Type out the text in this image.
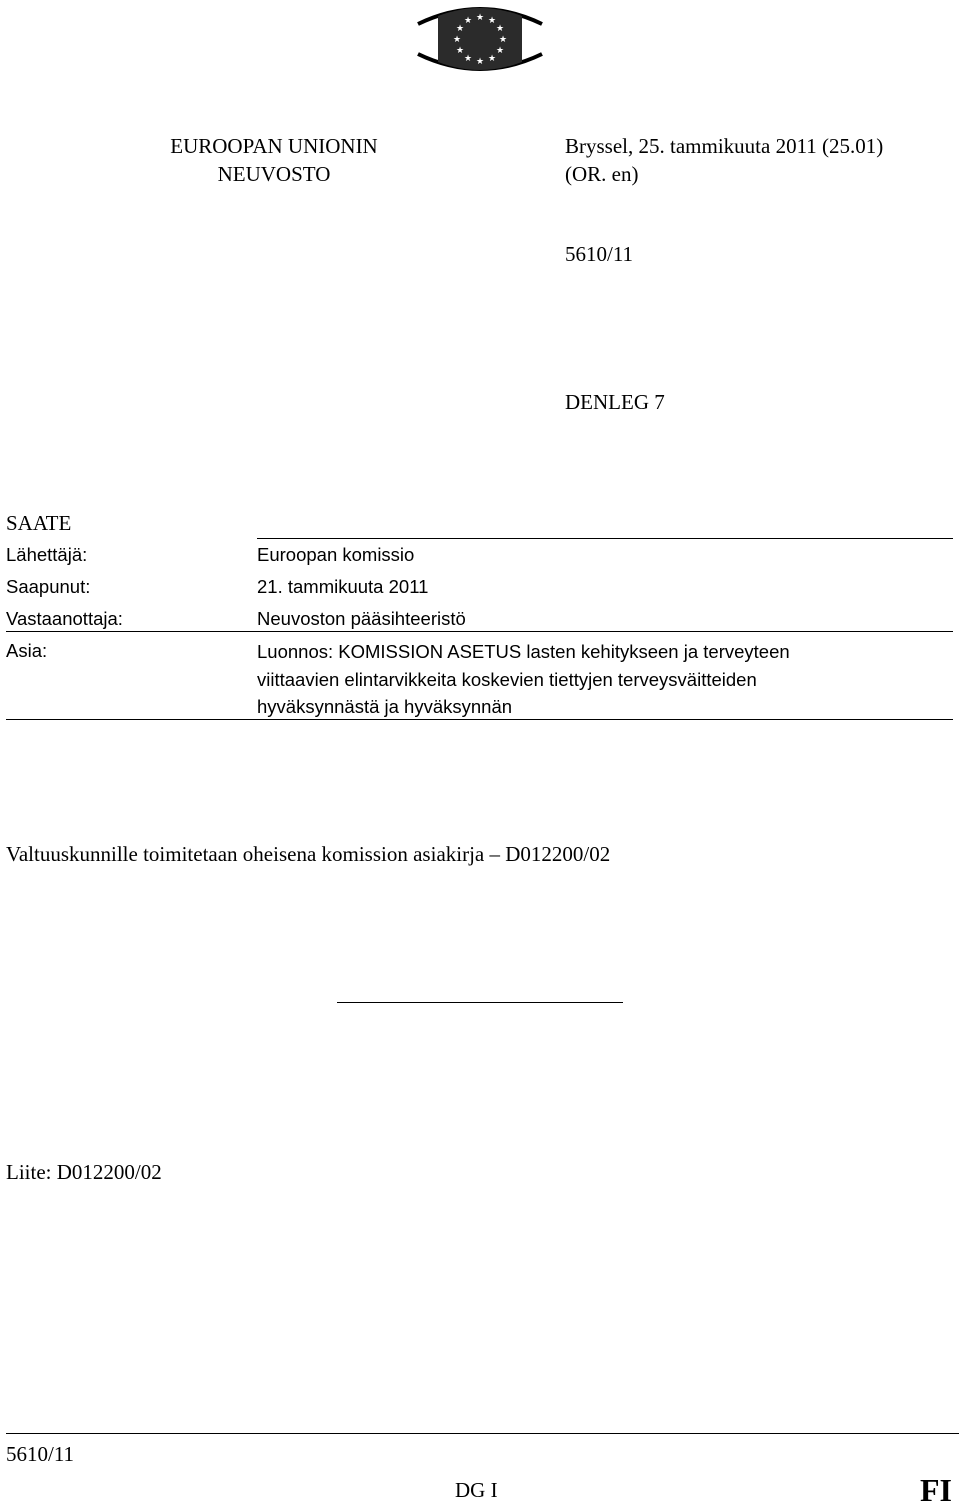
★ ★
★
★
★
★
★
★
★
★
★
★
EUROOPAN UNIONIN
NEUVOSTO
Bryssel, 25. tammikuuta 2011 (25.01)
(OR. en)
5610/11
DENLEG 7
SAATE
Lähettäjä:	Euroopan komissio
Saapunut:	21. tammikuuta 2011
Vastaanottaja:	Neuvoston pääsihteeristö
Asia:	Luonnos: KOMISSION ASETUS lasten kehitykseen ja terveyteen
viittaavien elintarvikkeita koskevien tiettyjen terveysväitteiden
hyväksynnästä ja hyväksynnän
Valtuuskunnille toimitetaan oheisena komission asiakirja – D012200/02
Liite: D012200/02
5610/11
DG I	FI
